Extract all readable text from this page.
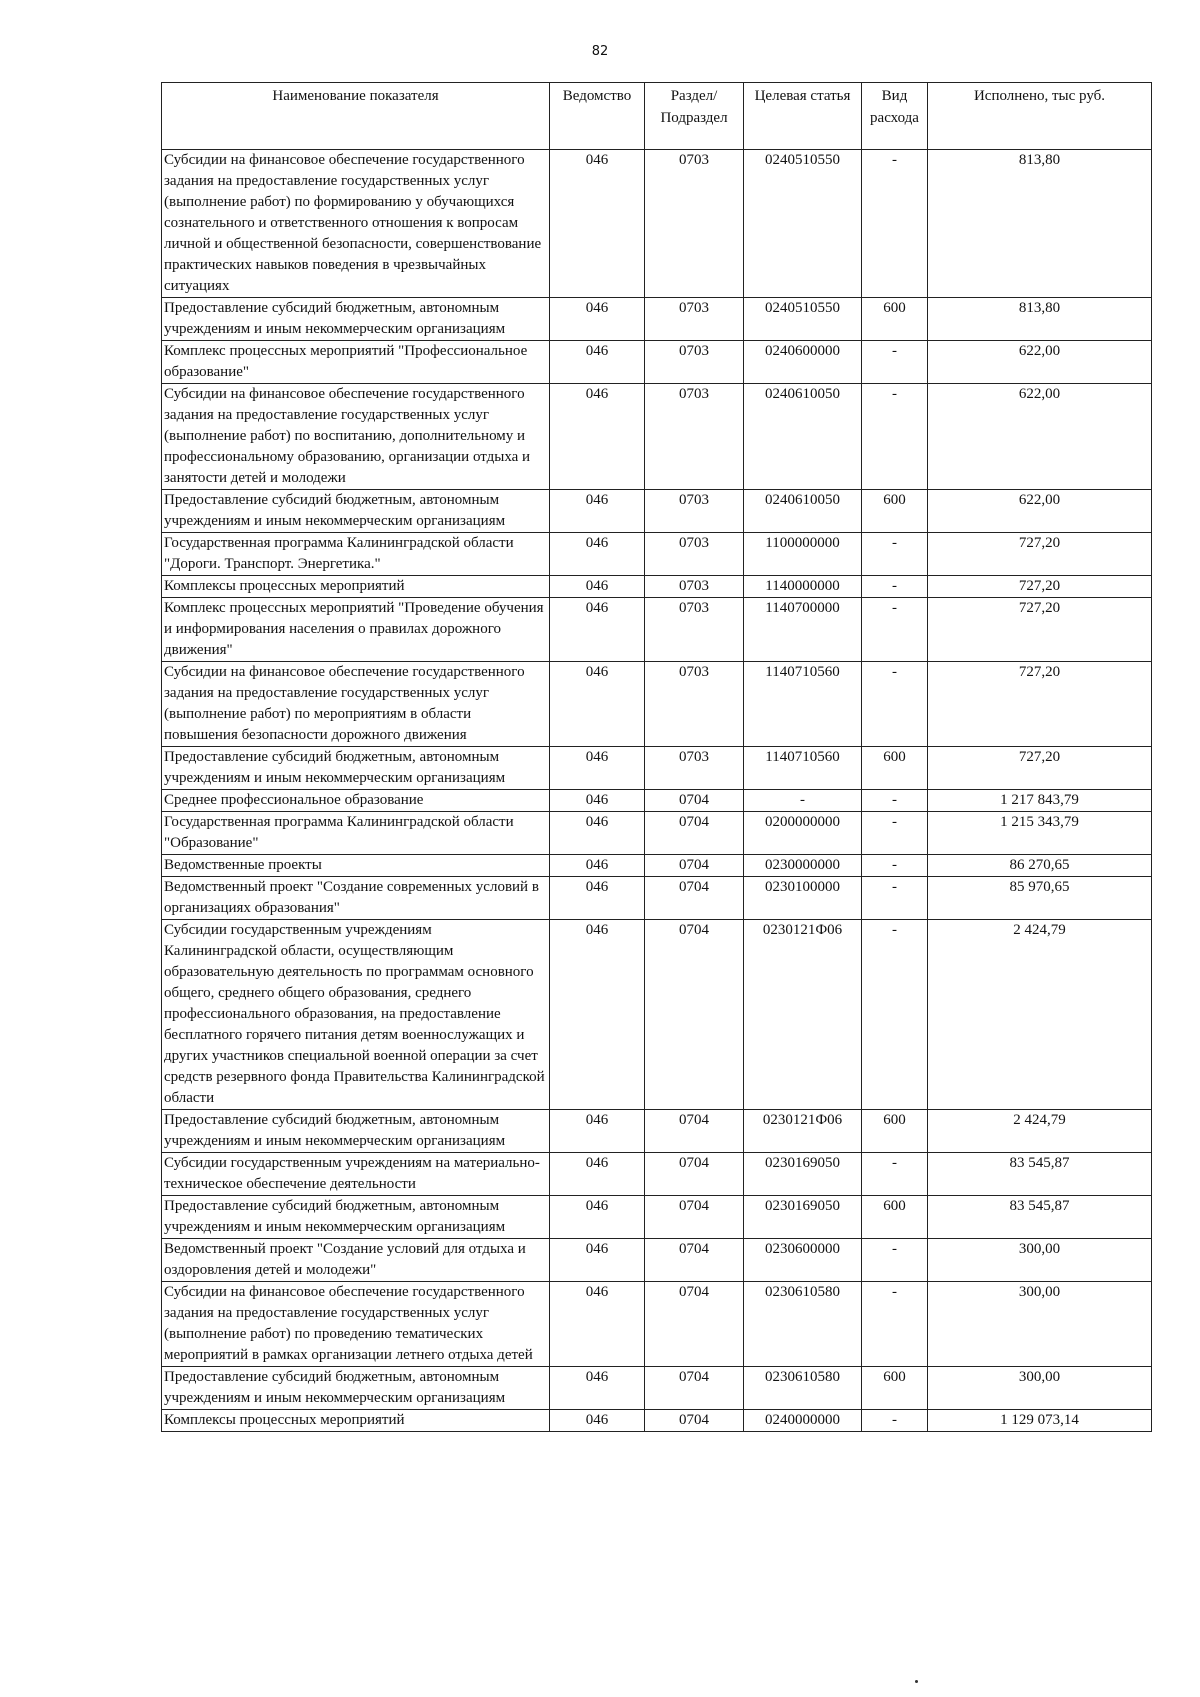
82
Наименование показателя	Ведомство	Раздел/ Подраздел	Целевая статья	Вид расхода	Исполнено, тыс руб.
Субсидии на финансовое обеспечение государственного задания на предоставление государственных услуг (выполнение работ) по формированию у обучающихся сознательного и ответственного отношения к вопросам личной и общественной безопасности, совершенствование практических навыков поведения в чрезвычайных ситуациях	046	0703	0240510550	-	813,80
Предоставление субсидий бюджетным, автономным учреждениям и иным некоммерческим организациям	046	0703	0240510550	600	813,80
Комплекс процессных мероприятий "Профессиональное образование"	046	0703	0240600000	-	622,00
Субсидии на финансовое обеспечение государственного задания на предоставление государственных услуг (выполнение работ) по воспитанию, дополнительному и профессиональному образованию, организации отдыха и занятости детей и молодежи	046	0703	0240610050	-	622,00
Предоставление субсидий бюджетным, автономным учреждениям и иным некоммерческим организациям	046	0703	0240610050	600	622,00
Государственная программа Калининградской области "Дороги. Транспорт. Энергетика."	046	0703	1100000000	-	727,20
Комплексы процессных мероприятий	046	0703	1140000000	-	727,20
Комплекс процессных мероприятий "Проведение обучения и информирования населения о правилах дорожного движения"	046	0703	1140700000	-	727,20
Субсидии на финансовое обеспечение государственного задания на предоставление государственных услуг (выполнение работ) по мероприятиям в области повышения безопасности дорожного движения	046	0703	1140710560	-	727,20
Предоставление субсидий бюджетным, автономным учреждениям и иным некоммерческим организациям	046	0703	1140710560	600	727,20
Среднее профессиональное образование	046	0704	-	-	1 217 843,79
Государственная программа Калининградской области "Образование"	046	0704	0200000000	-	1 215 343,79
Ведомственные проекты	046	0704	0230000000	-	86 270,65
Ведомственный проект "Создание современных условий в организациях образования"	046	0704	0230100000	-	85 970,65
Субсидии государственным учреждениям Калининградской области, осуществляющим образовательную деятельность по программам основного общего, среднего общего образования, среднего профессионального образования, на предоставление бесплатного горячего питания детям военнослужащих и других участников специальной военной операции за счет средств резервного фонда Правительства Калининградской области	046	0704	0230121Ф06	-	2 424,79
Предоставление субсидий бюджетным, автономным учреждениям и иным некоммерческим организациям	046	0704	0230121Ф06	600	2 424,79
Субсидии государственным учреждениям на материально-техническое обеспечение деятельности	046	0704	0230169050	-	83 545,87
Предоставление субсидий бюджетным, автономным учреждениям и иным некоммерческим организациям	046	0704	0230169050	600	83 545,87
Ведомственный проект "Создание условий для отдыха и оздоровления детей и молодежи"	046	0704	0230600000	-	300,00
Субсидии на финансовое обеспечение государственного задания на предоставление государственных услуг (выполнение работ) по проведению тематических мероприятий в рамках организации летнего отдыха детей	046	0704	0230610580	-	300,00
Предоставление субсидий бюджетным, автономным учреждениям и иным некоммерческим организациям	046	0704	0230610580	600	300,00
Комплексы процессных мероприятий	046	0704	0240000000	-	1 129 073,14
